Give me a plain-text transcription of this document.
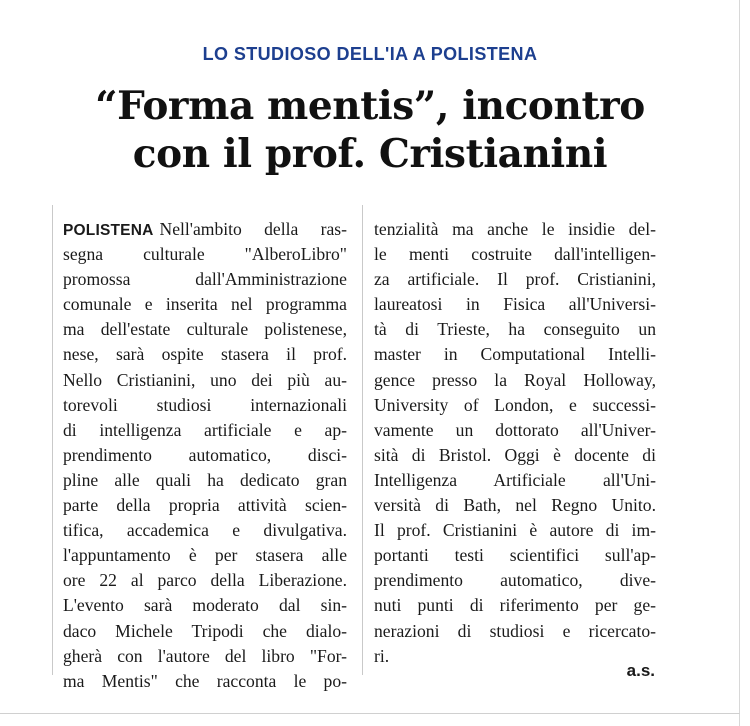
LO STUDIOSO DELL'IA A POLISTENA
“Forma mentis”, incontro
con il prof. Cristianini
POLISTENA Nell'ambito della ras-
segna culturale "AlberoLibro"
promossa dall'Amministrazione
comunale e inserita nel programma
ma dell'estate culturale polistenese,
nese, sarà ospite stasera il prof.
Nello Cristianini, uno dei più au-
torevoli studiosi internazionali
di intelligenza artificiale e ap-
prendimento automatico, disci-
pline alle quali ha dedicato gran
parte della propria attività scien-
tifica, accademica e divulgativa.
l'appuntamento è per stasera alle
ore 22 al parco della Liberazione.
L'evento sarà moderato dal sin-
daco Michele Tripodi che dialo-
gherà con l'autore del libro "For-
ma Mentis" che racconta le po-
tenzialità ma anche le insidie del-
le menti costruite dall'intelligen-
za artificiale. Il prof. Cristianini,
laureatosi in Fisica all'Universi-
tà di Trieste, ha conseguito un
master in Computational Intelli-
gence presso la Royal Holloway,
University of London, e successi-
vamente un dottorato all'Univer-
sità di Bristol. Oggi è docente di
Intelligenza Artificiale all'Uni-
versità di Bath, nel Regno Unito.
Il prof. Cristianini è autore di im-
portanti testi scientifici sull'ap-
prendimento automatico, dive-
nuti punti di riferimento per ge-
nerazioni di studiosi e ricercato-
ri.
a.s.
